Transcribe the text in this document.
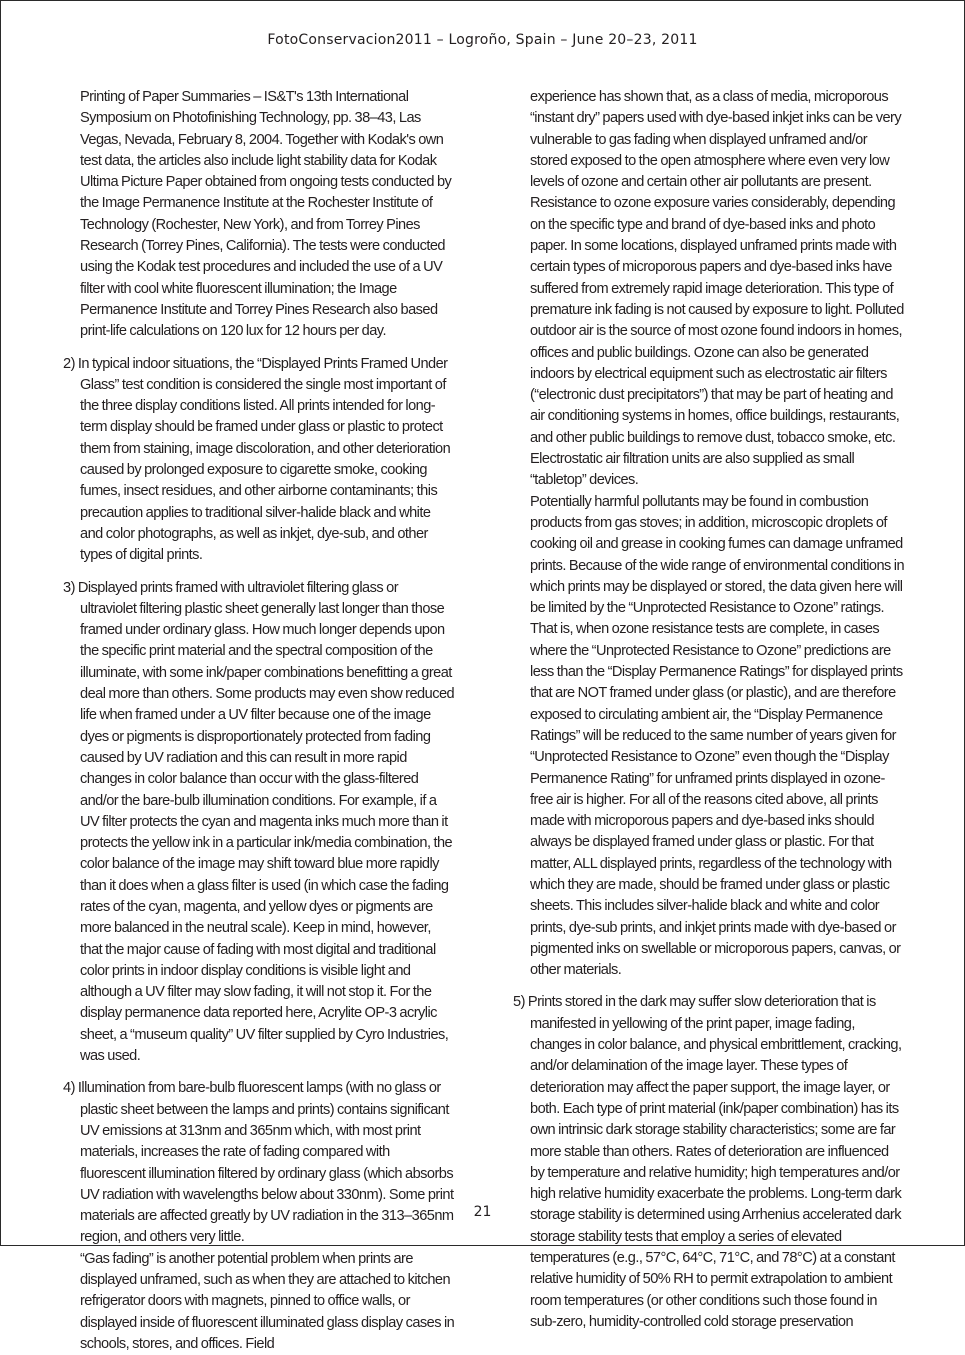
FotoConservacion2011 – Logroño, Spain – June 20–23, 2011

Printing of Paper Summaries – IS&T's 13th International Symposium on Photofinishing Technology, pp. 38–43, Las Vegas, Nevada, February 8, 2004. Together with Kodak's own test data, the articles also include light stability data for Kodak Ultima Picture Paper obtained from ongoing tests conducted by the Image Permanence Institute at the Rochester Institute of Technology (Rochester, New York), and from Torrey Pines Research (Torrey Pines, California). The tests were conducted using the Kodak test procedures and included the use of a UV filter with cool white fluorescent illumination; the Image Permanence Institute and Torrey Pines Research also based print-life calculations on 120 lux for 12 hours per day.

2) In typical indoor situations, the “Displayed Prints Framed Under Glass” test condition is considered the single most important of the three display conditions listed. All prints intended for long-term display should be framed under glass or plastic to protect them from staining, image discoloration, and other deterioration caused by prolonged exposure to cigarette smoke, cooking fumes, insect residues, and other airborne contaminants; this precaution applies to traditional silver-halide black and white and color photographs, as well as inkjet, dye-sub, and other types of digital prints.

3) Displayed prints framed with ultraviolet filtering glass or ultraviolet filtering plastic sheet generally last longer than those framed under ordinary glass. How much longer depends upon the specific print material and the spectral composition of the illuminate, with some ink/paper combinations benefitting a great deal more than others. Some products may even show reduced life when framed under a UV filter because one of the image dyes or pigments is disproportionately protected from fading caused by UV radiation and this can result in more rapid changes in color balance than occur with the glass-filtered and/or the bare-bulb illumination conditions. For example, if a UV filter protects the cyan and magenta inks much more than it protects the yellow ink in a particular ink/media combination, the color balance of the image may shift toward blue more rapidly than it does when a glass filter is used (in which case the fading rates of the cyan, magenta, and yellow dyes or pigments are more balanced in the neutral scale). Keep in mind, however, that the major cause of fading with most digital and traditional color prints in indoor display conditions is visible light and although a UV filter may slow fading, it will not stop it. For the display permanence data reported here, Acrylite OP-3 acrylic sheet, a “museum quality” UV filter supplied by Cyro Industries, was used.

4) Illumination from bare-bulb fluorescent lamps (with no glass or plastic sheet between the lamps and prints) contains significant UV emissions at 313nm and 365nm which, with most print materials, increases the rate of fading compared with fluorescent illumination filtered by ordinary glass (which absorbs UV radiation with wavelengths below about 330nm). Some print materials are affected greatly by UV radiation in the 313–365nm region, and others very little.

“Gas fading” is another potential problem when prints are displayed unframed, such as when they are attached to kitchen refrigerator doors with magnets, pinned to office walls, or displayed inside of fluorescent illuminated glass display cases in schools, stores, and offices. Field

experience has shown that, as a class of media, microporous “instant dry” papers used with dye-based inkjet inks can be very vulnerable to gas fading when displayed unframed and/or stored exposed to the open atmosphere where even very low levels of ozone and certain other air pollutants are present. Resistance to ozone exposure varies considerably, depending on the specific type and brand of dye-based inks and photo paper. In some locations, displayed unframed prints made with certain types of microporous papers and dye-based inks have suffered from extremely rapid image deterioration. This type of premature ink fading is not caused by exposure to light. Polluted outdoor air is the source of most ozone found indoors in homes, offices and public buildings. Ozone can also be generated indoors by electrical equipment such as electrostatic air filters (“electronic dust precipitators”) that may be part of heating and air conditioning systems in homes, office buildings, restaurants, and other public buildings to remove dust, tobacco smoke, etc. Electrostatic air filtration units are also supplied as small “tabletop” devices.

Potentially harmful pollutants may be found in combustion products from gas stoves; in addition, microscopic droplets of cooking oil and grease in cooking fumes can damage unframed prints. Because of the wide range of environmental conditions in which prints may be displayed or stored, the data given here will be limited by the “Unprotected Resistance to Ozone” ratings. That is, when ozone resistance tests are complete, in cases where the “Unprotected Resistance to Ozone” predictions are less than the “Display Permanence Ratings” for displayed prints that are NOT framed under glass (or plastic), and are therefore exposed to circulating ambient air, the “Display Permanence Ratings” will be reduced to the same number of years given for “Unprotected Resistance to Ozone” even though the “Display Permanence Rating” for unframed prints displayed in ozone-free air is higher. For all of the reasons cited above, all prints made with microporous papers and dye-based inks should always be displayed framed under glass or plastic. For that matter, ALL displayed prints, regardless of the technology with which they are made, should be framed under glass or plastic sheets. This includes silver-halide black and white and color prints, dye-sub prints, and inkjet prints made with dye-based or pigmented inks on swellable or microporous papers, canvas, or other materials.

5) Prints stored in the dark may suffer slow deterioration that is manifested in yellowing of the print paper, image fading, changes in color balance, and physical embrittlement, cracking, and/or delamination of the image layer. These types of deterioration may affect the paper support, the image layer, or both. Each type of print material (ink/paper combination) has its own intrinsic dark storage stability characteristics; some are far more stable than others. Rates of deterioration are influenced by temperature and relative humidity; high temperatures and/or high relative humidity exacerbate the problems. Long-term dark storage stability is determined using Arrhenius accelerated dark storage stability tests that employ a series of elevated temperatures (e.g., 57°C, 64°C, 71°C, and 78°C) at a constant relative humidity of 50% RH to permit extrapolation to ambient room temperatures (or other conditions such those found in sub-zero, humidity-controlled cold storage preservation

21
